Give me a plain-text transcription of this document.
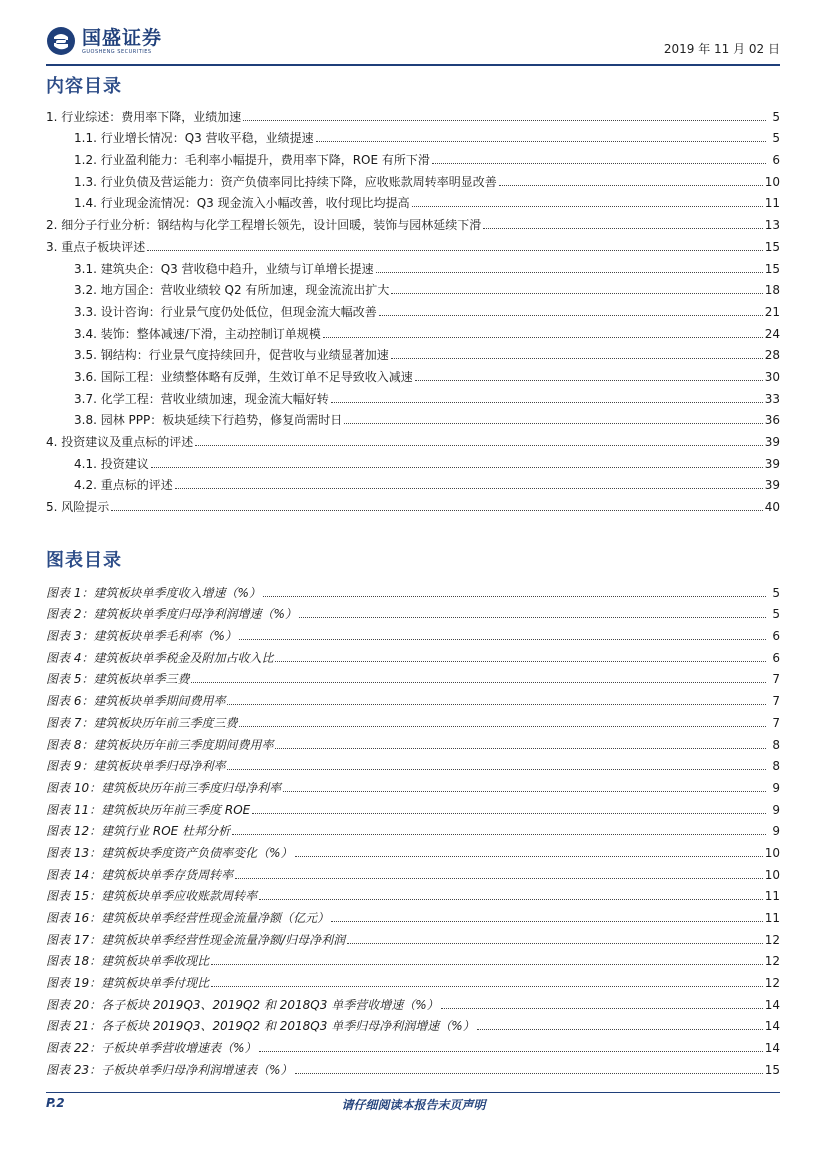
国盛证券
GUOSHENG SECURITIES	2019 年 11 月 02 日
内容目录
1. 行业综述：费用率下降，业绩加速	5
1.1. 行业增长情况：Q3 营收平稳，业绩提速	5
1.2. 行业盈利能力：毛利率小幅提升，费用率下降，ROE 有所下滑	6
1.3. 行业负债及营运能力：资产负债率同比持续下降，应收账款周转率明显改善	10
1.4. 行业现金流情况：Q3 现金流入小幅改善，收付现比均提高	11
2. 细分子行业分析：钢结构与化学工程增长领先，设计回暖，装饰与园林延续下滑	13
3. 重点子板块评述	15
3.1. 建筑央企：Q3 营收稳中趋升，业绩与订单增长提速	15
3.2. 地方国企：营收业绩较 Q2 有所加速，现金流流出扩大	18
3.3. 设计咨询：行业景气度仍处低位，但现金流大幅改善	21
3.4. 装饰：整体减速/下滑，主动控制订单规模	24
3.5. 钢结构：行业景气度持续回升，促营收与业绩显著加速	28
3.6. 国际工程：业绩整体略有反弹，生效订单不足导致收入减速	30
3.7. 化学工程：营收业绩加速，现金流大幅好转	33
3.8. 园林 PPP：板块延续下行趋势，修复尚需时日	36
4. 投资建议及重点标的评述	39
4.1. 投资建议	39
4.2. 重点标的评述	39
5. 风险提示	40
图表目录
图表 1：建筑板块单季度收入增速（%）	5
图表 2：建筑板块单季度归母净利润增速（%）	5
图表 3：建筑板块单季毛利率（%）	6
图表 4：建筑板块单季税金及附加占收入比	6
图表 5：建筑板块单季三费	7
图表 6：建筑板块单季期间费用率	7
图表 7：建筑板块历年前三季度三费	7
图表 8：建筑板块历年前三季度期间费用率	8
图表 9：建筑板块单季归母净利率	8
图表 10：建筑板块历年前三季度归母净利率	9
图表 11：建筑板块历年前三季度 ROE	9
图表 12：建筑行业 ROE 杜邦分析	9
图表 13：建筑板块季度资产负债率变化（%）	10
图表 14：建筑板块单季存货周转率	10
图表 15：建筑板块单季应收账款周转率	11
图表 16：建筑板块单季经营性现金流量净额（亿元）	11
图表 17：建筑板块单季经营性现金流量净额/归母净利润	12
图表 18：建筑板块单季收现比	12
图表 19：建筑板块单季付现比	12
图表 20：各子板块 2019Q3、2019Q2 和 2018Q3 单季营收增速（%）	14
图表 21：各子板块 2019Q3、2019Q2 和 2018Q3 单季归母净利润增速（%）	14
图表 22：子板块单季营收增速表（%）	14
图表 23：子板块单季归母净利润增速表（%）	15
P.2	请仔细阅读本报告末页声明
